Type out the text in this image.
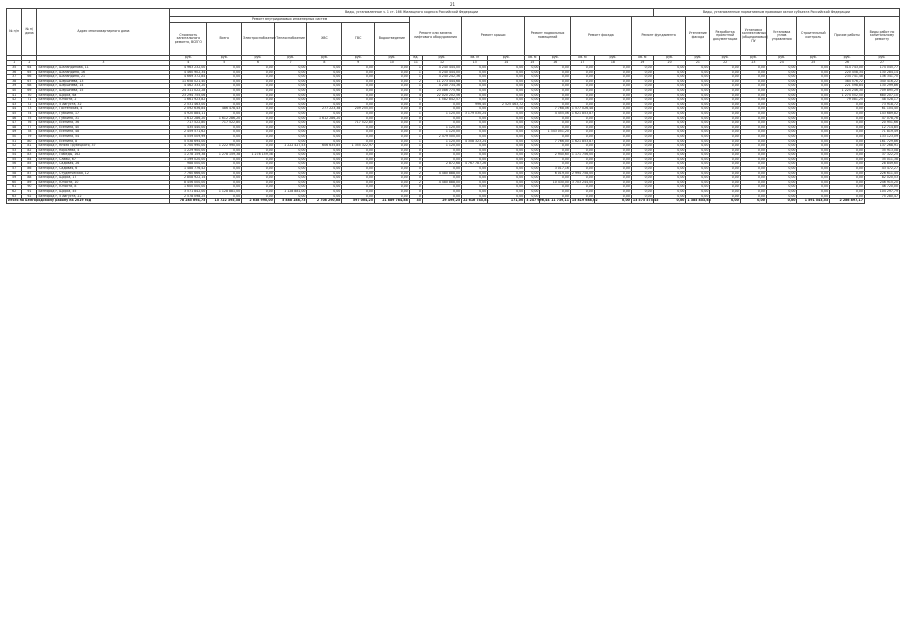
21
№ п/п	№ п/ дома	Адрес многоквартирного дома	Виды, установленные ч. 1 ст. 166 Жилищного кодекса Российской Федерации																Виды, установленные нормативным правовым актом субъекта Российской Федерации							
			Ремонт внутридомовых инженерных систем							Ремонт или замена лифтового оборудования		Ремонт крыши		Ремонт подвальных помещений		Ремонт фасада		Ремонт фундамента		Утепление фасада	Разработка проектной документации	Установка коллективных (общедомовых) ПУ	Установка узлов управления	Строительный контроль	Прочие работы	Виды работ по капитальному ремонту
			Стоимость капитального ремонта, ВСЕГО	Всего	Электроснабжение	Теплоснабжение	ХВС	ГВС	Водоотведение																	
			руб.	руб.	руб.	руб.	руб.	руб.	руб.	ед.	руб.	кв. м	руб.	кв. м	руб.	кв. м	руб.	кв. м	руб.	руб.	руб.	руб.	руб.	руб.	руб.	руб.
1	2	3	4	5	6	7	8	9	10	11	12	13	14	15	16	17	18	19	20	21	22	23	24	25	26	27
35	64	Белгород г, Шаландинова, 11	4 963 232,00	0,00	0,00	0,00	0,00	0,00	0,00	1	4 240 444,00	0,00	0,00	0,00	0,00	0,00	0,00	0,00	0,00	0,00	0,00	0,00	0,00	0,00	514 743,00	174 045,77
36	65	Белгород г, Шаландина, 16	4 460 902,34	0,00	0,00	0,00	0,00	0,00	0,00	1	4 240 444,00	0,00	0,00	0,00	0,00	0,00	0,00	0,00	0,00	0,00	0,00	0,00	0,00	0,00	220 458,34	130 284,14
37	66	Белгород г, Шаландина, 21	4 669 372,84	0,00	0,00	0,00	0,00	0,00	0,00	1	4 240 242,36	0,00	0,00	0,00	0,00	0,00	0,00	0,00	0,00	0,00	0,00	0,00	0,00	0,00	234 741,48	136 341,70
38	67	Белгород г, Шершнева, 13	11 658 021,40	0,00	0,00	0,00	0,00	0,00	0,00	2	11 273 444,68	0,00	0,00	0,00	0,00	0,00	0,00	0,00	0,00	0,00	0,00	0,00	0,00	0,00	384 576,72	340 416,22
39	68	Белгород г, Шершнева, 14	4 462 333,20	0,00	0,00	0,00	0,00	0,00	0,00	1	4 240 734,36	0,00	0,00	0,00	0,00	0,00	0,00	0,00	0,00	0,00	0,00	0,00	0,00	0,00	221 598,84	130 299,86
40	69	Белгород г, Шершнева, 15	24 311 022,28	0,00	0,00	0,00	0,00	0,00	0,00	5	23 086 775,98	0,00	0,00	0,00	0,00	0,00	0,00	0,00	0,00	0,00	0,00	0,00	0,00	0,00	1 224 246,30	709 895,29
41	70	Белгород г, Щорса, 6а	23 294 755,06	0,00	0,00	0,00	0,00	0,00	0,00	4	22 020 202,56	0,00	0,00	0,00	0,00	0,00	0,00	0,00	0,00	0,00	0,00	0,00	0,00	0,00	1 274 552,50	680 207,10
42	71	Белгород г, Юности, 2	1 661 923,82	0,00	0,00	0,00	0,00	0,00	0,00	1	1 582 842,57	0,00	0,00	0,00	0,00	0,00	0,00	0,00	0,00	0,00	0,00	0,00	0,00	0,00	79 081,25	48 528,17
43	72	Белгород г, 5 Августа, 32	2 531 463,00	0,00	0,00	0,00	0,00	0,00	0,00	0	0,00	996,40	2 525 463,72	0,00	0,00	0,00	0,00	0,00	0,00	0,00	0,00	0,00	0,00	0,00	0,00	73 918,72
44	73	Белгород г, Гостенская, 4	2 092 636,84	486 478,43	0,00	0,00	277 223,38	209 255,05	0,00	0	0,00	0,00	0,00	0,00	7 768,06	1 577 026,48	0,00	0,00	0,00	0,00	0,00	0,00	0,00	0,00	0,00	61 104,40
45	74	Белгород г, Губкина, 17	4 920 884,11	0,00	0,00	0,00	0,00	0,00	0,00	1	1 120,00	3 179 030,24	0,00	0,00	4 455,06	1 621 853,87	0,00	0,00	0,00	0,00	0,00	0,00	0,00	0,00	0,00	143 689,82
46	75	Белгород г, Губкина, 31	1 612 286,20	1 612 286,20	0,00	0,00	1 612 286,20	0,00	0,00	0	0,00	0,00	0,00	0,00	0,00	0,00	0,00	0,00	0,00	0,00	0,00	0,00	0,00	0,00	0,00	47 078,76
47	76	Белгород г, Есенина, 36	717 522,80	717 522,80	0,00	0,00	0,00	717 522,80	0,00	0	0,00	0,00	0,00	0,00	0,00	0,00	0,00	0,00	0,00	0,00	0,00	0,00	0,00	0,00	0,00	20 951,66
48	77	Белгород г, Есенина, 40	435 440,00	0,00	0,00	0,00	0,00	0,00	0,00	1	1 120,00	0,00	0,00	0,00	0,00	0,00	0,00	0,00	0,00	0,00	0,00	0,00	0,00	0,00	0,00	12 714,85
49	78	Белгород г, Есенина, 48	2 459 571,62	0,00	0,00	0,00	0,00	0,00	0,00	0	1 120,00	0,00	0,00	0,00	1 343 051,20	0,00	0,00	0,00	0,00	0,00	0,00	0,00	0,00	0,00	0,00	71 819,49
50	79	Белгород г, Есенина, 54	4 559 009,99	0,00	0,00	0,00	0,00	0,00	0,00	1	2 479 500,00	0,00	0,00	0,00	0,00	0,00	0,00	0,00	0,00	0,00	0,00	0,00	0,00	0,00	0,00	133 123,09
51	80	Белгород г, Есенина, 8	5 538 694,00	0,00	0,00	0,00	0,00	0,00	0,00	1	1 120,00	4 308 323,24	0,00	0,00	7 766,00	1 621 853,87	0,00	0,00	0,00	0,00	0,00	0,00	0,00	0,00	0,00	161 729,86
52	81	Белгород г, Князя Трубецкого, 37	4 700 990,00	1 222 990,00	0,00	1 222 427,53	606 635,85	1 355 322,97	0,00	1	1 120,00	0,00	0,00	0,00	0,00	0,00	0,00	0,00	0,00	0,00	0,00	0,00	0,00	0,00	0,00	137 268,91
53	82	Белгород г, Королёва, 4	1 229 900,00	0,00	0,00	0,00	0,00	0,00	0,00	0	0,00	0,00	0,00	0,00	0,00	0,00	0,00	0,00	0,00	0,00	0,00	0,00	0,00	0,00	0,00	35 913,08
54	83	Белгород г, Победы, 162	1 278 159,38	1 278 159,38	1 278 159,38	0,00	0,00	0,00	0,00	0	0,00	0,00	0,00	0,00	2 940,60	1 171 756,00	0,00	0,00	0,00	0,00	0,00	0,00	0,00	0,00	0,00	37 322,25
55	84	Белгород г, Славы, 67	1 199 020,00	0,00	0,00	0,00	0,00	0,00	0,00	0	0,00	0,00	0,00	0,00	0,00	0,00	0,00	0,00	0,00	0,00	0,00	0,00	0,00	0,00	0,00	35 011,38
56	85	Белгород г, Садовая, 26	988 000,00	0,00	0,00	0,00	0,00	0,00	0,00	0	2 872,68	4 767 787,26	0,00	0,00	0,00	0,00	0,00	0,00	0,00	0,00	0,00	0,00	0,00	0,00	0,00	28 849,60
57	86	Белгород г, Садовая, 6	1 488 776,42	0,00	0,00	0,00	0,00	0,00	0,00	0	0,00	0,00	0,00	0,00	3 017,16	0,00	0,00	0,00	0,00	0,00	0,00	0,00	0,00	0,00	0,00	43 472,27
58	87	Белгород г, Студенческая, 12	7 760 666,00	0,00	0,00	0,00	0,00	0,00	0,00	2	4 480 888,00	0,00	0,00	0,00	6 019,00	2 994 758,00	0,00	0,00	0,00	0,00	0,00	0,00	0,00	0,00	0,00	226 611,45
59	88	Белгород г, Щорса, 17	2 808 922,14	0,00	0,00	0,00	0,00	0,00	0,00	0	0,00	0,00	0,00	0,00	0,00	0,00	0,00	0,00	0,00	0,00	0,00	0,00	0,00	0,00	0,00	82 020,53
60	89	Белгород г, Юности, 10	8 456 000,00	0,00	0,00	0,00	0,00	0,00	0,00	2	4 480 888,00	0,00	0,00	0,00	10 430,00	3 703 244,00	0,00	0,00	0,00	0,00	0,00	0,00	0,00	0,00	0,00	246 915,20
61	90	Белгород г, Юности, 8	1 600 000,00	0,00	0,00	0,00	0,00	0,00	0,00	0	0,00	0,00	0,00	0,00	0,00	0,00	0,00	0,00	0,00	0,00	0,00	0,00	0,00	0,00	0,00	46 720,00
62	91	Белгород г, Щорса, 45	3 571 842,00	1 128 881,00	0,00	1 128 881,00	0,00	0,00	0,00	0	0,00	0,00	0,00	0,00	0,00	0,00	0,00	0,00	0,00	0,00	0,00	0,00	0,00	0,00	0,00	104 297,79
63	92	Белгород г, 5 Августа, 22	2 578 098,25	0,00	0,00	0,00	0,00	0,00	0,00	0	0,00	0,00	0,00	0,00	0,00	0,00	0,00	0,00	0,00	0,00	0,00	0,00	0,00	0,00	0,00	75 280,47
Итого по Белгородскому району на 2019 год			78 285 694,75	15 722 395,58	2 638 990,00	5 888 188,73	2 708 290,68	597 004,25	21 889 784,88	33	29 499,25	22 616 745,81	171,00	3 247 996,44	11 739,11	15 819 688,02	0,00	13 575 575,45	0,00	1 385 853,63	0,00	0,00	0,00	1 591 543,53	2 286 897,17	
